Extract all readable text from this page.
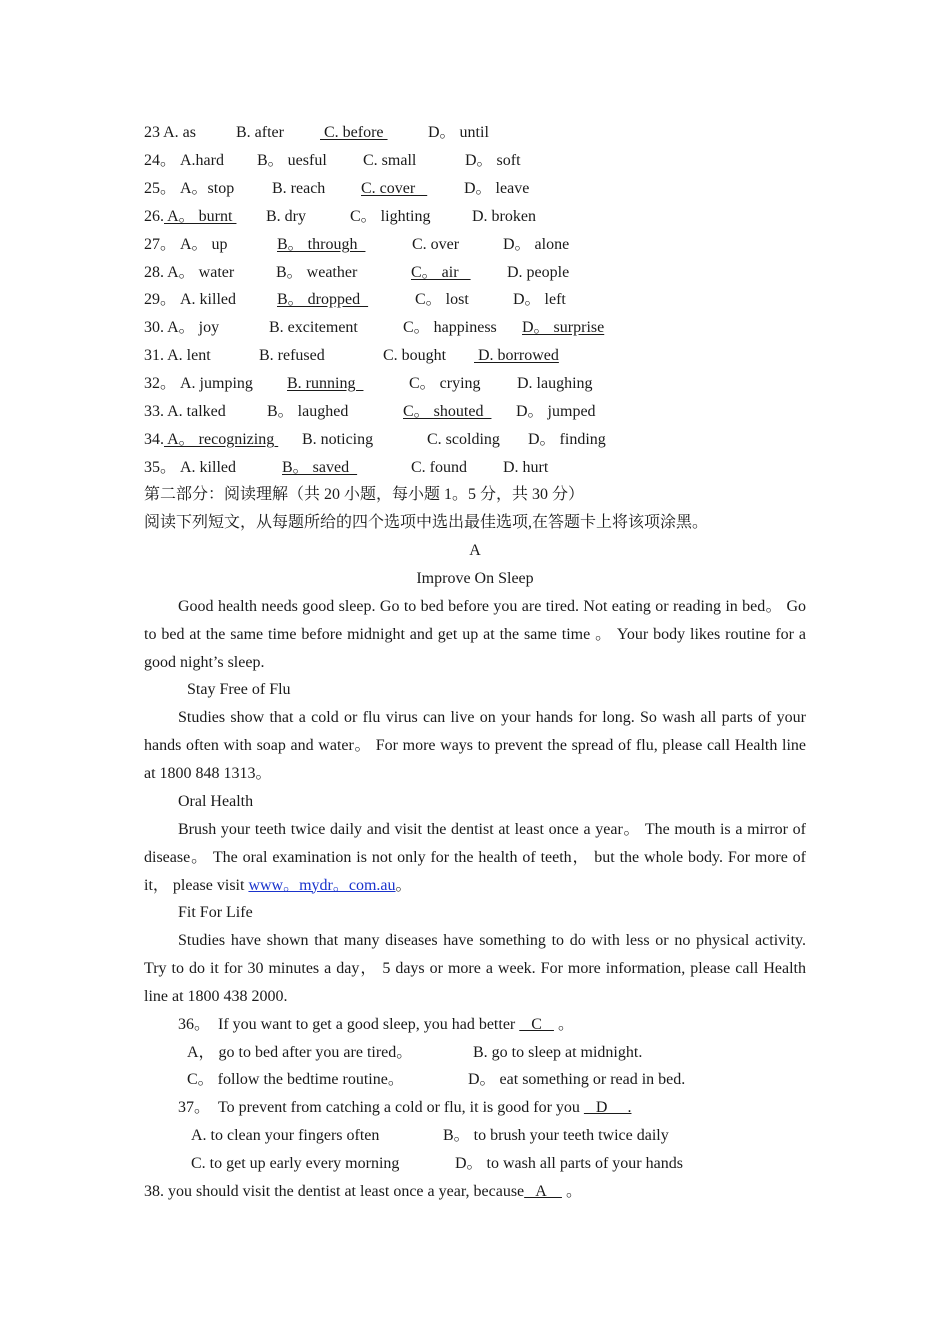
23 A. as	B. after C. before	D。 until
24。 A.hard B。 uesful C. small	D。 soft
25。 A。stop B. reach C. cover D。 leave
26. A。 burnt B. dry	C。 lighting	D. broken
27。 A。 up	B。 through	C. over	D。 alone
28. A。 water	B。 weather	C。 air D. people
29。 A. killed	B。 dropped	C。 lost	D。 left
30. A。 joy	B. excitement	C。 happiness D。 surprise
31. A. lent	B. refused	C. bought D. borrowed
32。 A. jumping B. running	C。 crying D. laughing
33. A. talked	B。 laughed	C。 shouted D。 jumped
34. A。 recognizing B. noticing	C. scolding D。 finding
35。 A. killed	B。 saved	C. found D. hurt
第二部分：阅读理解（共 20 小题，每小题 1。5 分，共 30 分）
阅读下列短文，从每题所给的四个选项中选出最佳选项,在答题卡上将该项涂黑。
A
Improve On Sleep

Good health needs good sleep. Go to bed before you are tired. Not eating or reading in bed。 Go to bed at the same time before midnight and get up at the same time 。 Your body likes routine for a good night’s sleep.

Stay Free of Flu

Studies show that a cold or flu virus can live on your hands for long. So wash all parts of your hands often with soap and water。 For more ways to prevent the spread of flu, please call Health line at 1800 848 1313。

Oral Health

Brush your teeth twice daily and visit the dentist at least once a year。 The mouth is a mirror of disease。 The oral examination is not only for the health of teeth， but the whole body. For more of it， please visit www。mydr。com.au。

Fit For Life

Studies have shown that many diseases have something to do with less or no physical activity. Try to do it for 30 minutes a day， 5 days or more a week. For more information, please call Health line at 1800 438 2000.

36。  If you want to get a good sleep, you had better    C    。
A， go to bed after you are tired。	B. go to sleep at midnight.
C。 follow the bedtime routine。	D。 eat something or read in bed.
37。  To prevent from catching a cold or flu, it is good for you    D     .
A. to clean your fingers often	B。 to brush your teeth twice daily
C. to get up early every morning	D。 to wash all parts of your hands
38. you should visit the dentist at least once a year, because   A     。
